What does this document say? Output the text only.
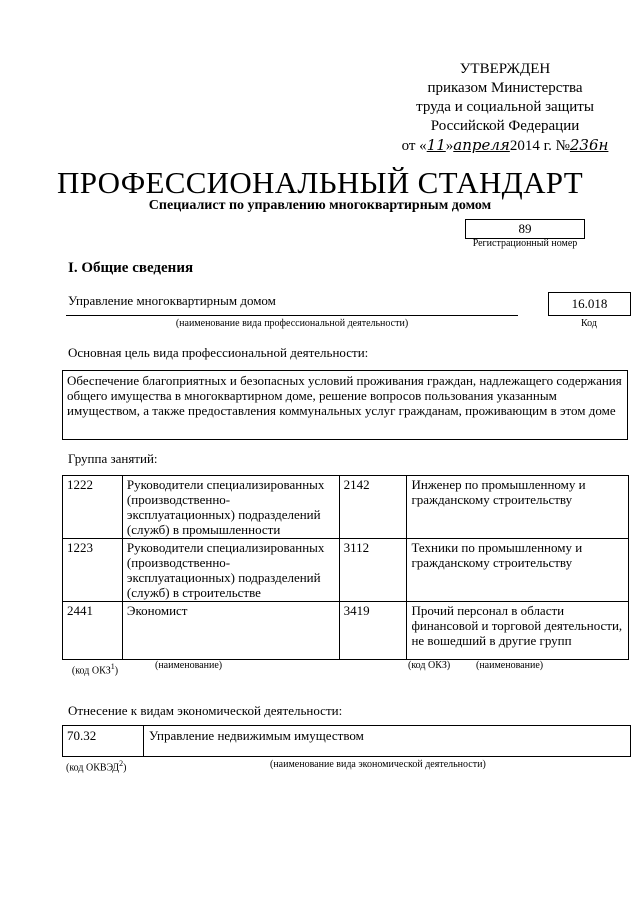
УТВЕРЖДЕН
приказом Министерства
труда и социальной защиты
Российской Федерации
от «11»апреля2014 г. №236н
ПРОФЕССИОНАЛЬНЫЙ СТАНДАРТ
Специалист по управлению многоквартирным домом
89
Регистрационный номер
I. Общие сведения
Управление многоквартирным домом
(наименование вида профессиональной деятельности)
16.018
Код
Основная цель вида профессиональной деятельности:
Обеспечение благоприятных и безопасных условий проживания граждан, надлежащего содержания общего имущества в многоквартирном доме, решение вопросов пользования указанным имуществом, а также предоставления коммунальных услуг гражданам, проживающим в этом доме
Группа занятий:
1222	Руководители специализированных (производственно-эксплуатационных) подразделений (служб) в промышленности	2142	Инженер по промышленному и гражданскому строительству
1223	Руководители специализированных (производственно-эксплуатационных) подразделений (служб) в строительстве	3112	Техники по промышленному и гражданскому строительству
2441	Экономист	3419	Прочий персонал в области финансовой и торговой деятельности, не вошедший в другие групп
(код ОКЗ$^1$)	(наименование)	(код ОКЗ)	(наименование)
Отнесение к видам экономической деятельности:
70.32	Управление недвижимым имуществом
(код ОКВЭД$^2$)	(наименование вида экономической деятельности)
